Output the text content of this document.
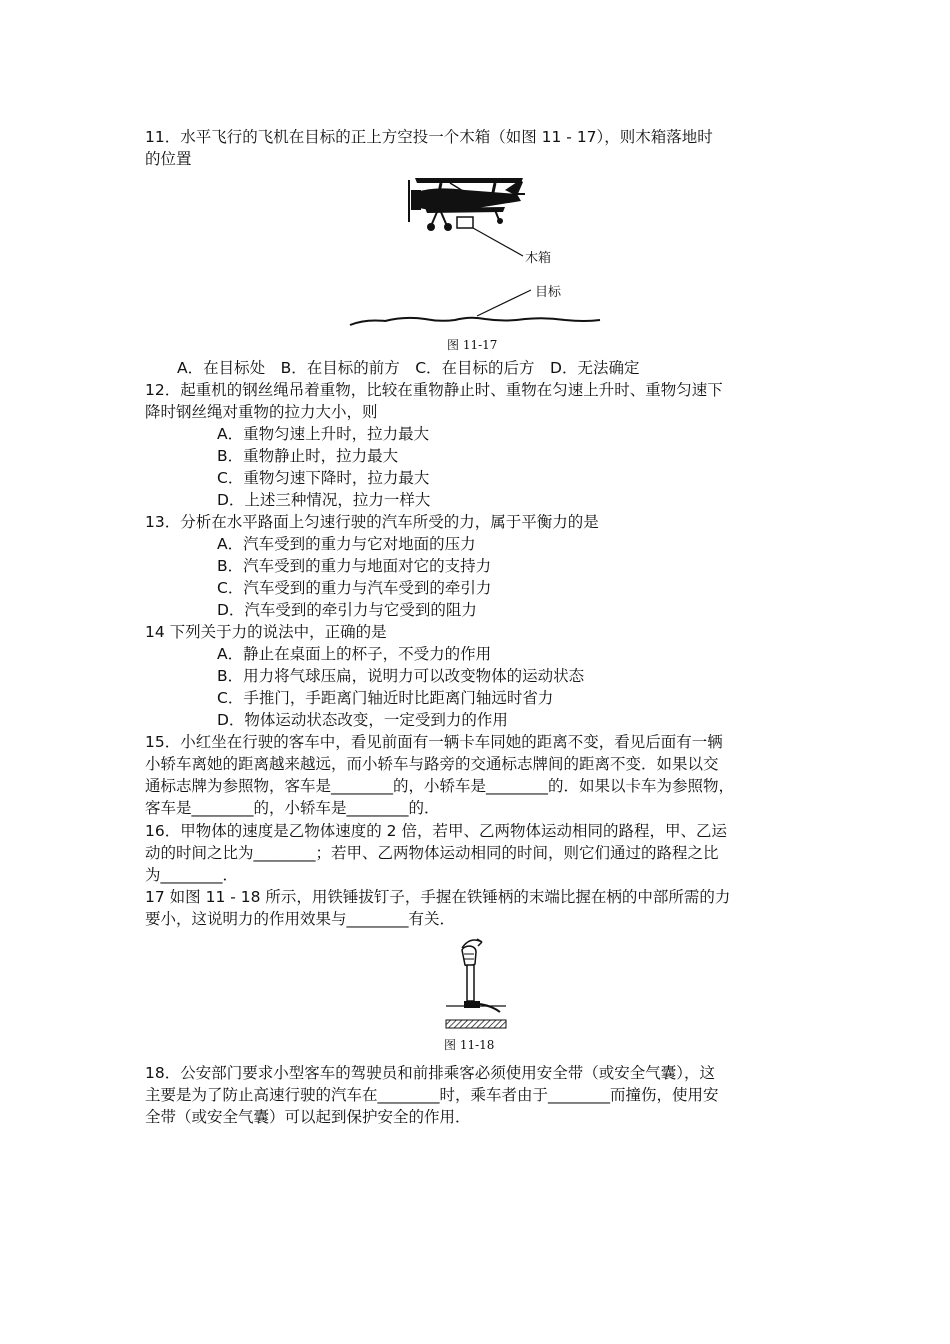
11．水平飞行的飞机在目标的正上方空投一个木箱（如图 11 - 17），则木箱落地时
的位置
木箱
目标
图 11-17
A．在目标处　B．在目标的前方　C．在目标的后方　D．无法确定
12．起重机的钢丝绳吊着重物，比较在重物静止时、重物在匀速上升时、重物匀速下
降时钢丝绳对重物的拉力大小，则
A．重物匀速上升时，拉力最大
B．重物静止时，拉力最大
C．重物匀速下降时，拉力最大
D．上述三种情况，拉力一样大
13．分析在水平路面上匀速行驶的汽车所受的力，属于平衡力的是
A．汽车受到的重力与它对地面的压力
B．汽车受到的重力与地面对它的支持力
C．汽车受到的重力与汽车受到的牵引力
D．汽车受到的牵引力与它受到的阻力
14 下列关于力的说法中，正确的是
A．静止在桌面上的杯子，不受力的作用
B．用力将气球压扁，说明力可以改变物体的运动状态
C．手推门，手距离门轴近时比距离门轴远时省力
D．物体运动状态改变，一定受到力的作用
15．小红坐在行驶的客车中，看见前面有一辆卡车同她的距离不变，看见后面有一辆
小轿车离她的距离越来越远，而小轿车与路旁的交通标志牌间的距离不变．如果以交
通标志牌为参照物，客车是________的，小轿车是________的．如果以卡车为参照物，
客车是________的，小轿车是________的．
16．甲物体的速度是乙物体速度的 2 倍，若甲、乙两物体运动相同的路程，甲、乙运
动的时间之比为________；若甲、乙两物体运动相同的时间，则它们通过的路程之比
为________．
17 如图 11 - 18 所示，用铁锤拔钉子，手握在铁锤柄的末端比握在柄的中部所需的力
要小，这说明力的作用效果与________有关．
图 11-18
18．公安部门要求小型客车的驾驶员和前排乘客必须使用安全带（或安全气囊），这
主要是为了防止高速行驶的汽车在________时，乘车者由于________而撞伤，使用安
全带（或安全气囊）可以起到保护安全的作用．
